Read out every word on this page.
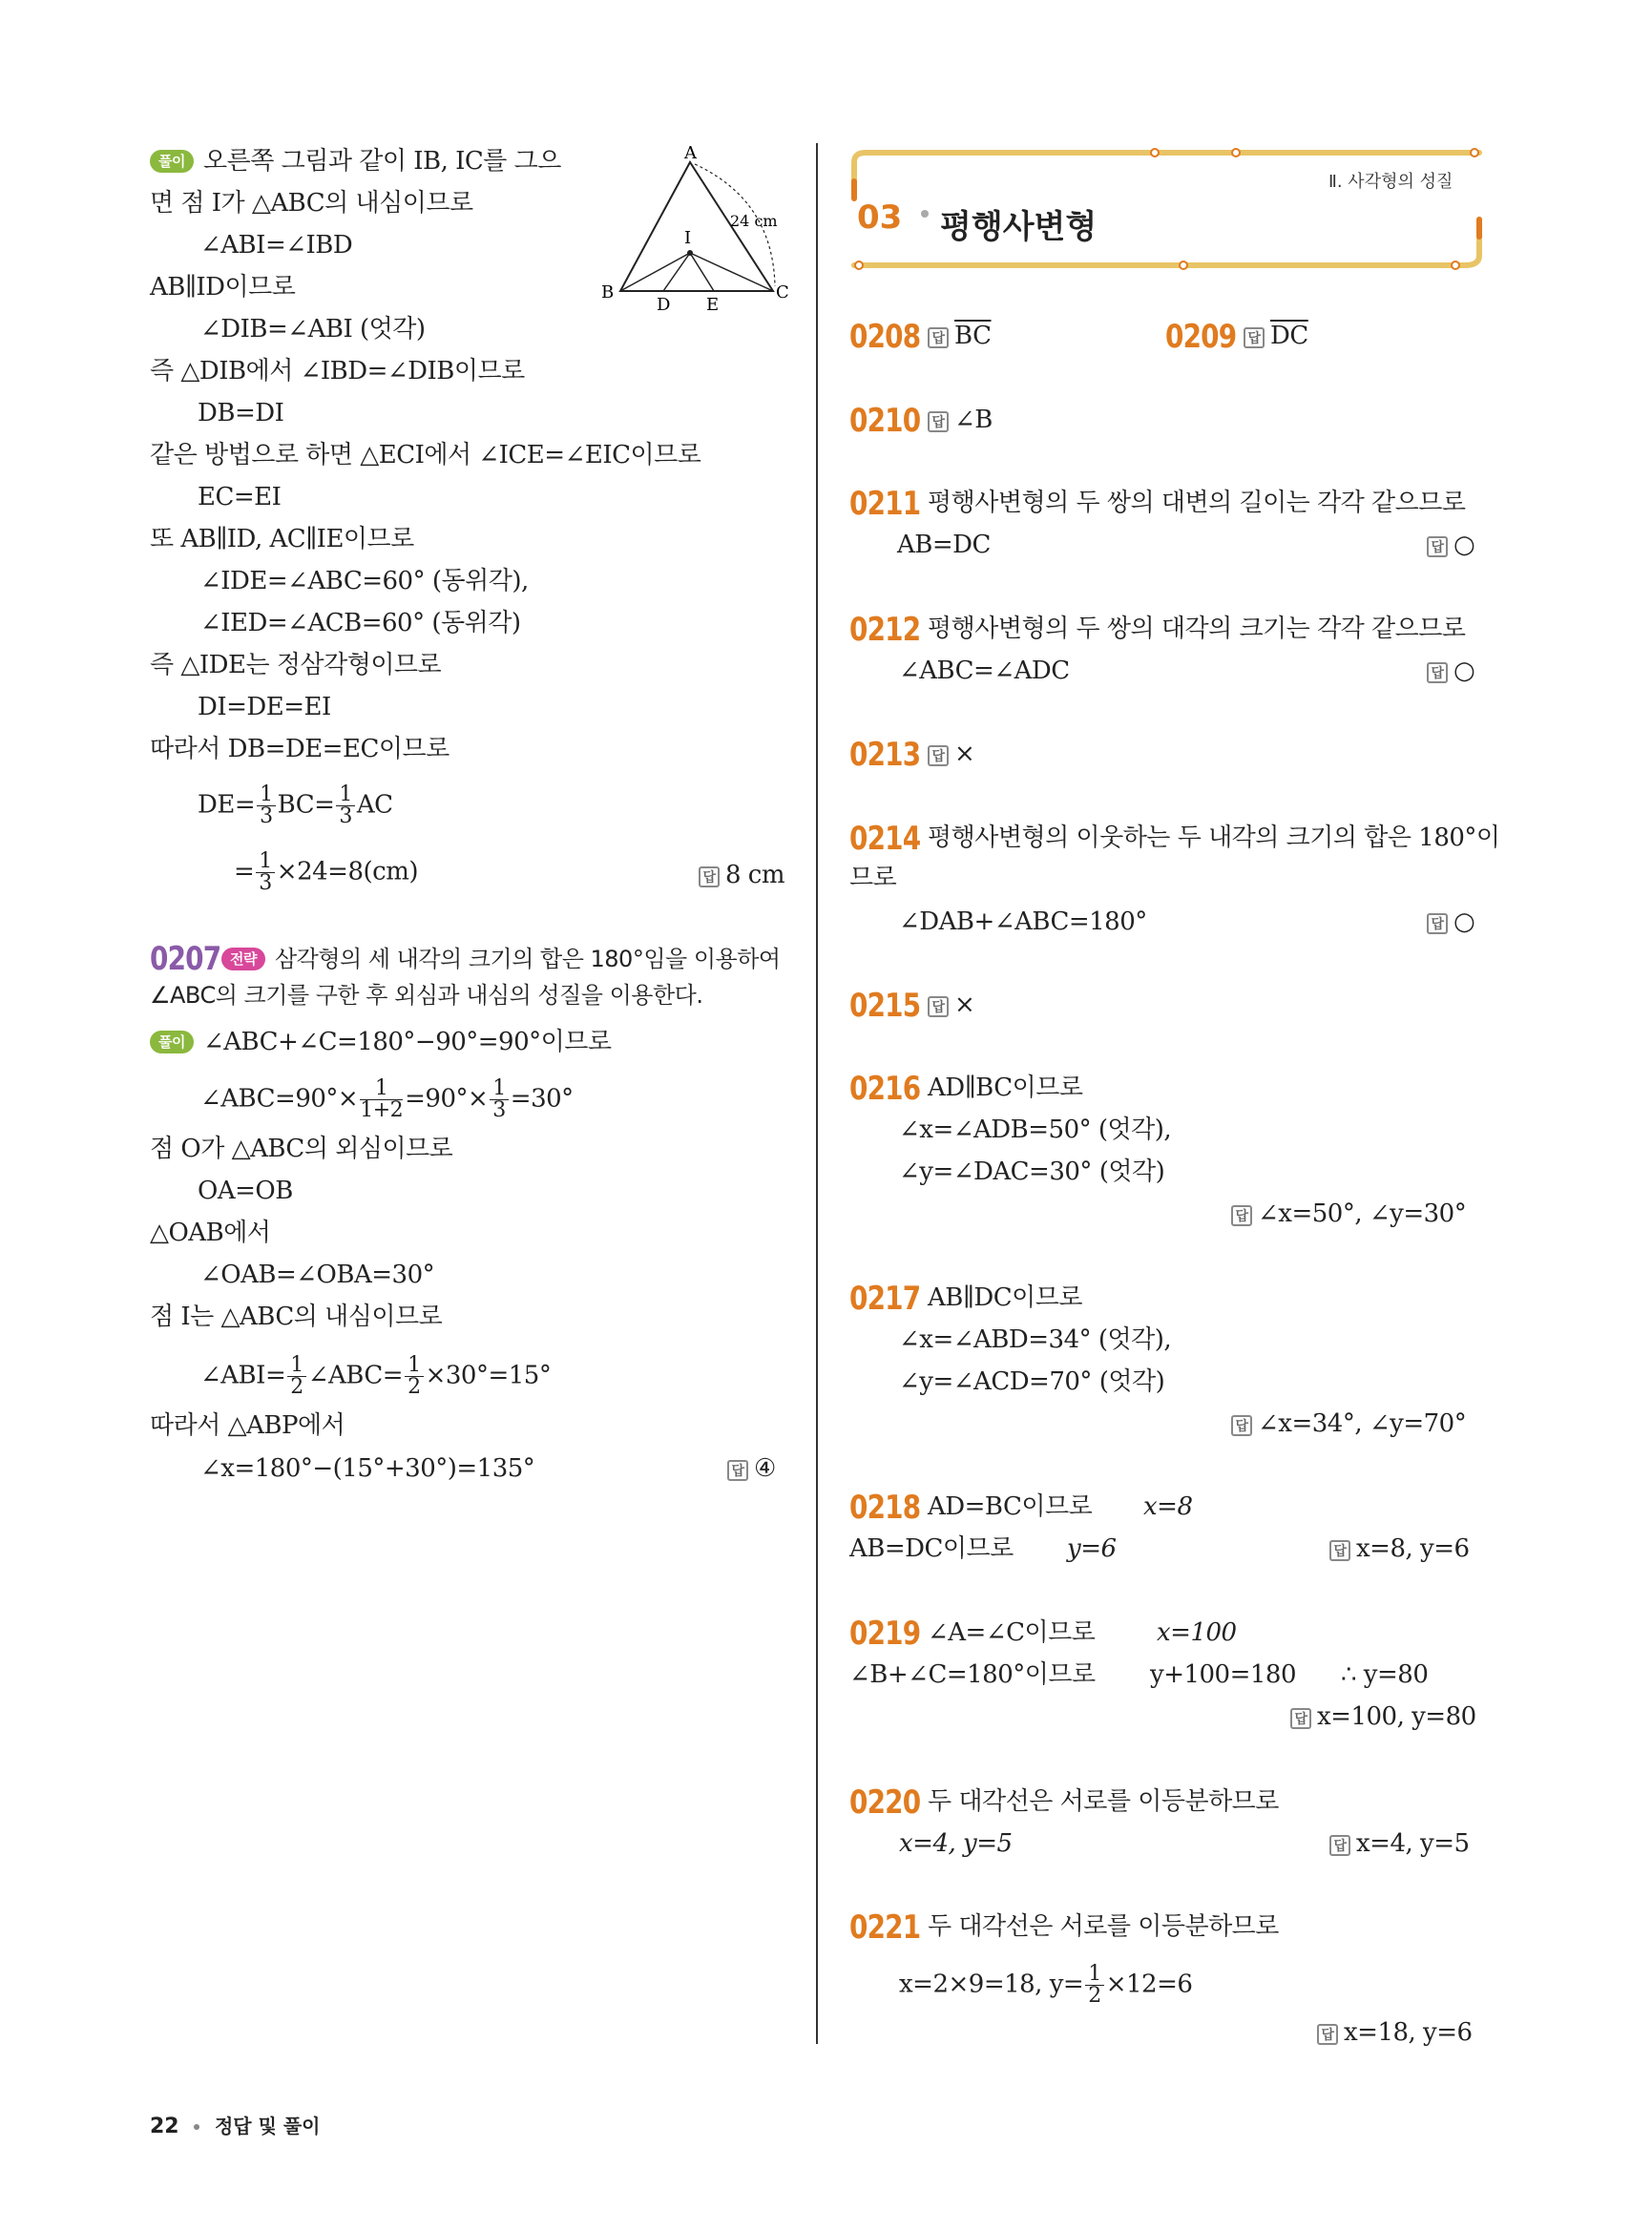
Ⅱ. 사각형의 성질
03 평행사변형
A
B	C
D E
I
24 cm
풀이 오른쪽 그림과 같이 IB, IC를 그으
면 점 I가 △ABC의 내심이므로
∠ABI=∠IBD
AB∥ID이므로
∠DIB=∠ABI (엇각)
즉 △DIB에서 ∠IBD=∠DIB이므로
DB=DI
같은 방법으로 하면 △ECI에서 ∠ICE=∠EIC이므로
EC=EI
또 AB∥ID, AC∥IE이므로
∠IDE=∠ABC=60° (동위각),
∠IED=∠ACB=60° (동위각)
즉 △IDE는 정삼각형이므로
DI=DE=EI
따라서 DB=DE=EC이므로
$DE= \frac{1}{3} BC= \frac{1}{3}$ AC
= $\frac{1}{3} \times 24=8(cm)$	답 8 cm
0207 전략 삼각형의 세 내각의 크기의 합은 180°임을 이용하여
∠ABC의 크기를 구한 후 외심과 내심의 성질을 이용한다.
풀이 ∠ABC+∠C=180°−90°=90°이므로
∠ABC=90°× $\frac{1}{1+2} =90^\circ\times \frac{1}{3} =30^\circ$
점 O가 △ABC의 외심이므로
OA=OB
△OAB에서
∠OAB=∠OBA=30°
점 I는 △ABC의 내심이므로
∠ABI= $\frac{1}{2}$ ∠ABC= $\frac{1}{2} \times 30^\circ=15^\circ$
따라서 △ABP에서
∠x=180°−(15°+30°)=135°	답 ④
0208 답 $\overline{BC}$	0209 답 $\overline{DC}$
0210 답 ∠B
0211 평행사변형의 두 쌍의 대변의 길이는 각각 같으므로
AB=DC	답 ○
0212 평행사변형의 두 쌍의 대각의 크기는 각각 같으므로
∠ABC=∠ADC	답 ○
0213 답 ×
0214 평행사변형의 이웃하는 두 내각의 크기의 합은 180°이
므로
∠DAB+∠ABC=180°	답 ○
0215 답 ×
0216 AD∥BC이므로
∠x=∠ADB=50° (엇각),
∠y=∠DAC=30° (엇각)
답 ∠x=50°, ∠y=30°
0217 AB∥DC이므로
∠x=∠ABD=34° (엇각),
∠y=∠ACD=70° (엇각)
답 ∠x=34°, ∠y=70°
0218 AD=BC이므로 x=8
AB=DC이므로 y=6	답 x=8, y=6
0219 ∠A=∠C이므로 x=100
∠B+∠C=180°이므로 y+100=180 ∴ y=80
답 x=100, y=80
0220 두 대각선은 서로를 이등분하므로
x=4, y=5	답 x=4, y=5
0221 두 대각선은 서로를 이등분하므로
x=2×9=18, $y= \frac{1}{2} \times 12=6$
답 x=18, y=6
22 정답 및 풀이
